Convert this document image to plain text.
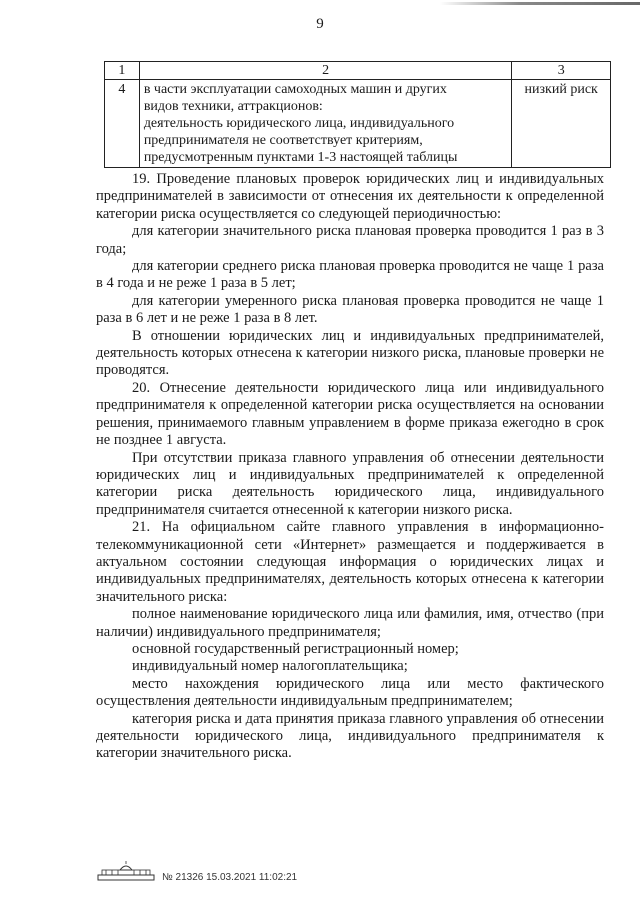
9
1	2	3
4	в части эксплуатации самоходных машин и других
видов техники, аттракционов:
деятельность юридического лица, индивидуального
предпринимателя не соответствует критериям,
предусмотренным пунктами 1-3 настоящей таблицы	низкий риск

19. Проведение плановых проверок юридических лиц и индивидуальных предпринимателей в зависимости от отнесения их деятельности к определенной категории риска осуществляется со следующей периодичностью:

для категории значительного риска плановая проверка проводится 1 раз в 3 года;

для категории среднего риска плановая проверка проводится не чаще 1 раза в 4 года и не реже 1 раза в 5 лет;

для категории умеренного риска плановая проверка проводится не чаще 1 раза в 6 лет и не реже 1 раза в 8 лет.

В отношении юридических лиц и индивидуальных предпринимателей, деятельность которых отнесена к категории низкого риска, плановые проверки не проводятся.

20. Отнесение деятельности юридического лица или индивидуального предпринимателя к определенной категории риска осуществляется на основании решения, принимаемого главным управлением в форме приказа ежегодно в срок не позднее 1 августа.

При отсутствии приказа главного управления об отнесении деятельности юридических лиц и индивидуальных предпринимателей к определенной категории риска деятельность юридического лица, индивидуального предпринимателя считается отнесенной к категории низкого риска.

21. На официальном сайте главного управления в информационно-телекоммуникационной сети «Интернет» размещается и поддерживается в актуальном состоянии следующая информация о юридических лицах и индивидуальных предпринимателях, деятельность которых отнесена к категории значительного риска:

полное наименование юридического лица или фамилия, имя, отчество (при наличии) индивидуального предпринимателя;

основной государственный регистрационный номер;

индивидуальный номер налогоплательщика;

место нахождения юридического лица или место фактического осуществления деятельности индивидуальным предпринимателем;

категория риска и дата принятия приказа главного управления об отнесении деятельности юридического лица, индивидуального предпринимателя к категории значительного риска.

№ 21326 15.03.2021 11:02:21
